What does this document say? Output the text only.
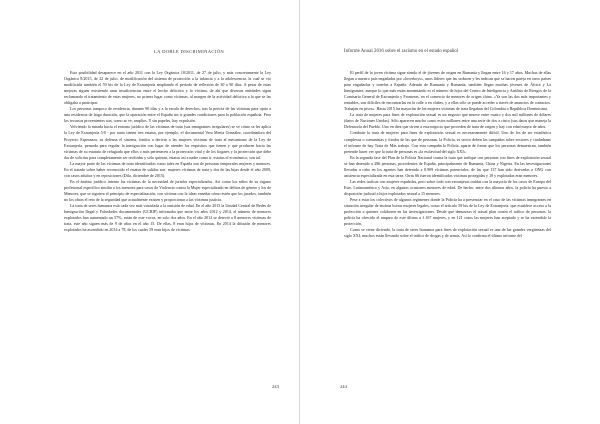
LA DOBLE DISCRIMINACIÓN

Esta posibilidad desaparece en el año 2011 con la Ley Orgánica 10/2011, de 27 de julio, y más concretamente la Ley Orgánica 8/2015, de 22 de julio, de modificación del sistema de protección a la infancia y a la adolescencia, la cual se vio modificada también el 59 bis de la Ley de Extranjería ampliando el período de reflexión de 30 a 90 días. A pesar de estas mejoras siguen existiendo unas insuficiencias entre el hecho delictivo y la víctima, de ahí que diversas entidades sigan reclamando el tratamiento de estas mujeres, no primer lugar como víctimas, al margen de la actividad delictiva a la que se las obligaba a participar.

Los personas tampoco de residencia, durante 90 días y a la escala de derechos, tras la pericia de las víctimas para optar a una residencia de larga duración, que la operación entre el España sin ir grandes condiciones para la población española. Pero los recursos provenientes son, como se ve, amplios. Y sin papeles, hay expulsión.

Volviendo la mirada hacia el entorno jurídico de las víctimas de trata (sus inmigrantes irregulares) se ve cómo se les aplica la Ley de Extranjería 5/0 - por tanto tienen tres estatus, por ejemplo, el documental Vera Meeta González, coordinadora del Proyecto Esperanza, su defensa el sistema, fondos a derivar a las mujeres víctimas de trata al mecanismo de la Ley de Extranjería, pensada para regular la inmigración con lugar de atender los requisitos que tienen y que producen hacia las víctimas de su estatuto de refugiada que ellos o más pertenecen a la protección vital y de los hogares y la protección que debe dar de solicitar para completamente ser recibidas y sólo quieran, estatus así a nadie como ir, estatus el económico, son tal.

La mayor parte de las víctimas de trata identificadas como tales en España son de personas temporales mujeres y menores. En el tratado sobre haber reconocido el estatus de salidas son: mujeres víctimas de trata y dos de las hijas desde el año 2009, con casos adultos y en reposiciones (Diía, diciembre de 2015).

En el ámbito jurídico interno las víctimas de la necesidad de jurados especializados. Así como los niños de su órgano profesional específico similar a los menores para casos de Violencia contra la Mujer especializado en delitos de género y los de Menores, que se siguiera el principio de especialización, con víctima con la ideas enseñar cómo estén que los jurados, también no los obras el reto de la seguridad que actualmente existen y proporcionar a las víctimas justicia.

La trata de seres humanos está cada vez más vinculada a la omisión de edad. En el año 2013 la Unidad Central de Redes de Inmigración Ilegal y Falsedades documentales (UCRIF) informaba que entre los años 2012 y 2014, el número de menores explotados han aumentado un 57%, están de este vocos, en solo dos años. En el año 2012 se detectó a 8 menores víctimas de trata, este año siguen más de 9 de años en el año 15. De ellas, 8 eran hijos de víctimas. En 2014 la difusión de menores explotados ha ascendido en 2014 a 78, de los cuales 59 eran hijos de víctimas.

243
Informe Anual 2016 sobre el racismo en el estado español

El perfil de la joven víctima sigue siendo el de jóvenes de origen en Rumanía y llegan entre 16 y 17 años. Muchas de ellas llegan a nuestro país engañadas por «loverboys», unos líderes que las seducen y les indican que se hacen pareja en otros países para engañarlas y traerlas a España. Además de Rumanía y Rumanía, también llegan muchas jóvenes de África y La Inmigrantes, aunque lo que más están aumentando es el número de hijos del Centro de Inteligencia y Análisis de Riesgos de la Comisaría General de Extranjería y Fronteras, en el comercio de menores de origen chino. «Ya son las dos más importantes y rentables, son difíciles de encontrarlas en la calle o en clubes, y a ellas sólo se puede acceder a través de anuncios de contactos. Trabajan en pisos». Hasta 2015 las mayorías de las mujeres víctimas de trata llegaban del Colombia o República Dominicana.

La trata de mujeres para fines de explotación sexual es un negocio que mueve entre cuatro y dos mil millones de dólares (datos de Naciones Unidas). Sólo aparecen mucho como estos millones entre una serie de dos a cinco (sus datos que maneja la Defensoría del Pueblo. Uno en diez que sirven a esta negocio que proceden de trata de origen y hay con edad mayor de años.

Combatir la trata de mujeres para fines de explotación sexual es necesariamente difícil. Uno de los de ser estadística complexas o comunistas y fondos de las que de personas, la Policía, es sector deben las campañas sobre sectores y ciudadanas el informe de hay Trata de Más trabajo. Con esta campaña la Policía, aparte de frenar que los personas demuestran, también pretende hacer ver que la trata de personas es «la esclavitud del siglo XXI».

En la segunda fase del Plan de la Policía Nacional contra la trata que trafique con personas con fines de explotación sexual se han detenido a 286 personas, procedentes de España, principalmente de Rumania, China y Nigeria. En las investigaciones llevadas a cabo en los agentes han detenido a 8.909 víctimas potenciales, de las que 137 han sido derivadas a ONG con asistencia especializada en esta tarea. Otras 66 fueron identificadas víctimas protegidas y 18 y explotadas eran menores.

Las redes traficas con mujeres españolas, pero sobre todo con extranjeras traídas con la mayoría de los casos de Europa del Este, Latinoamérica y Asia, en algunas ocasiones menores de edad. De hecho, entre dos últimos años, la policía ha puesto a disposición judicial a hijos explotados sexual a 15 menores.

Pese a estar los colectivos de algunos regímenes donde la Policía ha a presenciar en el caso de las víctimas inmigrantes en situación irregular de encima borrar mujeres legales, como el artículo 59 bis de la Ley de Extranjería, que establece acceso a la protección a quienes colaboren en las investigaciones. Desde que denuncias el actual plan contra el tráfico de personas, la policía ha ofrecido el amparo de este último a 1.167 mujeres, y en 121 casos las mujeres han aceptado y se ha extendido la protección.

Como se viene diciendo, la trata de seres humanos para fines de explotación sexual es una de las grandes vergüenzas del siglo XXI, muchos están llevando sobre el tráfico de drogas y de armas. Así lo confirma el último informe del

244
